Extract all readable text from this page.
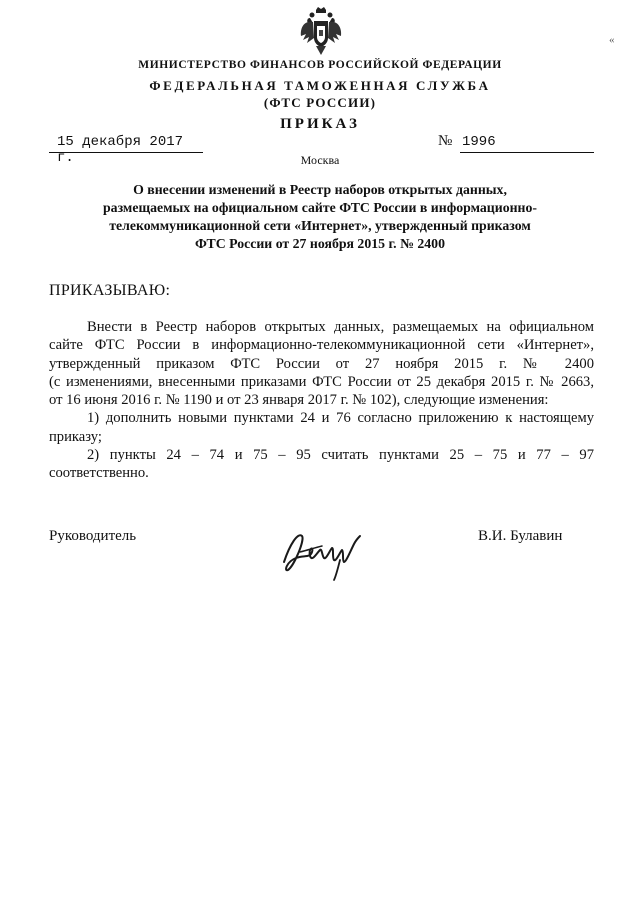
«
МИНИСТЕРСТВО ФИНАНСОВ РОССИЙСКОЙ ФЕДЕРАЦИИ
ФЕДЕРАЛЬНАЯ ТАМОЖЕННАЯ СЛУЖБА
(ФТС РОССИИ)
ПРИКАЗ
15 декабря 2017 г.
№ 1996
Москва
О внесении изменений в Реестр наборов открытых данных,
размещаемых на официальном сайте ФТС России в информационно-
телекоммуникационной сети «Интернет», утвержденный приказом
ФТС России от 27 ноября 2015 г. № 2400
ПРИКАЗЫВАЮ:

Внести в Реестр наборов открытых данных, размещаемых на официальном

сайте ФТС России в информационно-телекоммуникационной сети «Интернет»,

утвержденный приказом ФТС России от 27 ноября 2015 г. № 2400

(с изменениями, внесенными приказами ФТС России от 25 декабря 2015 г. № 2663,

от 16 июня 2016 г. № 1190 и от 23 января 2017 г. № 102), следующие изменения:

1) дополнить новыми пунктами 24 и 76 согласно приложению к настоящему

приказу;

2) пункты 24 – 74 и 75 – 95 считать пунктами 25 – 75 и 77 – 97

соответственно.

Руководитель	В.И. Булавин
